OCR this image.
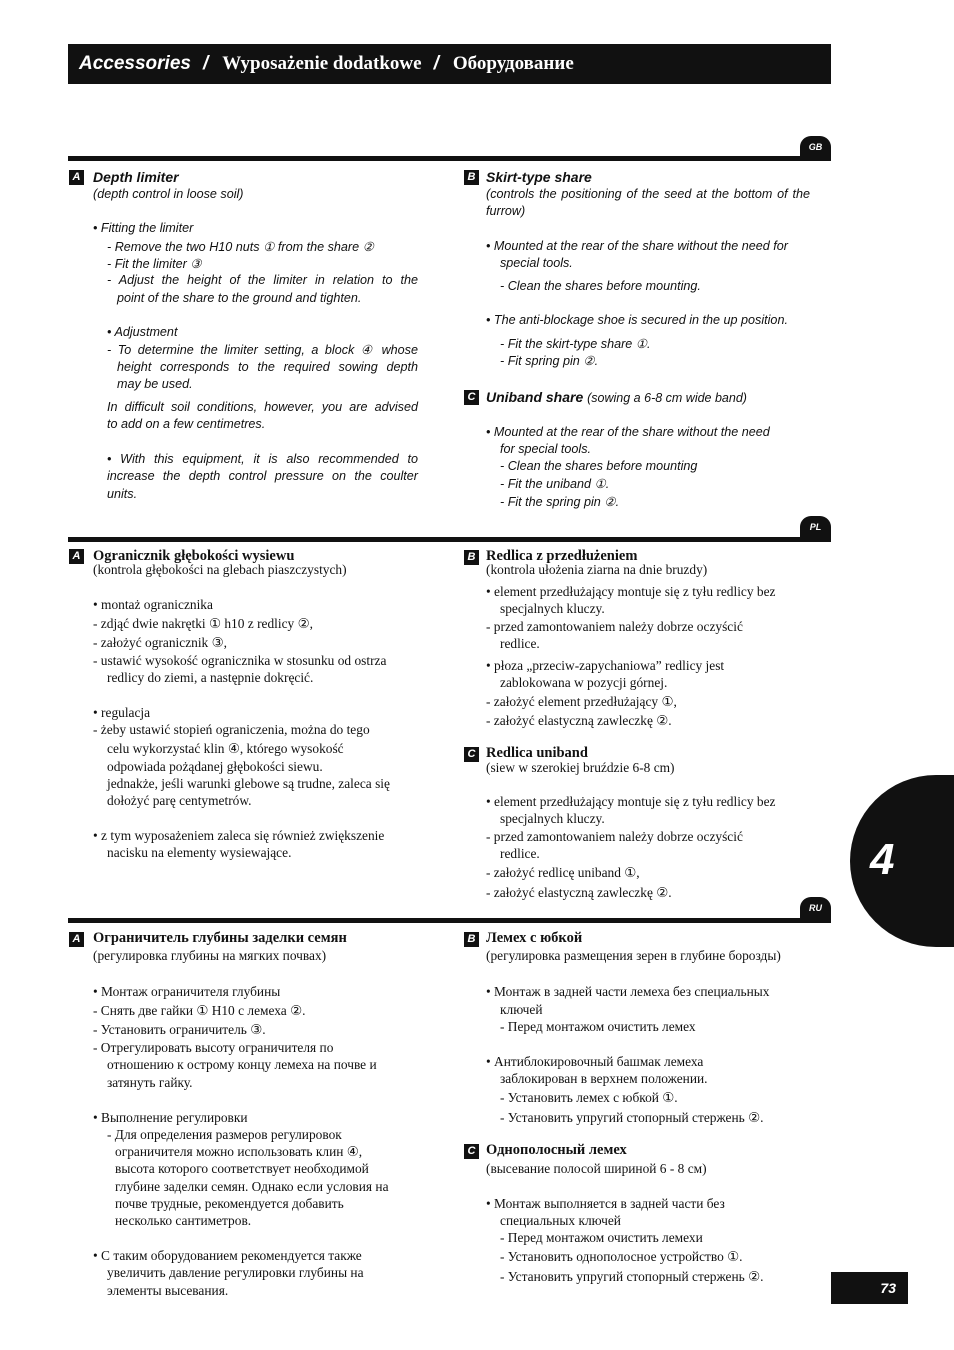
Accessories / Wyposażenie dodatkowe / Оборудование
GB
A Depth limiter
(depth control in loose soil)
• Fitting the limiter
- Remove the two H10 nuts ① from the share ②
- Fit the limiter ③
- Adjust the height of the limiter in relation to the
point of the share to the ground and tighten.
• Adjustment
- To determine the limiter setting, a block ④ whose
height corresponds to the required sowing depth
may be used.
In difficult soil conditions, however, you are advised
to add on a few centimetres.
• With this equipment, it is also recommended to
increase the depth control pressure on the coulter
units.
B Skirt-type share
(controls the positioning of the seed at the bottom of the
furrow)
• Mounted at the rear of the share without the need for
special tools.
- Clean the shares before mounting.
• The anti-blockage shoe is secured in the up position.
- Fit the skirt-type share ①.
- Fit spring pin ②.
C Uniband share (sowing a 6-8 cm wide band)
• Mounted at the rear of the share without the need
for special tools.
- Clean the shares before mounting
- Fit the uniband ①.
- Fit the spring pin ②.
PL
A Ogranicznik głębokości wysiewu
(kontrola głębokości na glebach piaszczystych)
• montaż ogranicznika
- zdjąć dwie nakrętki ① h10 z redlicy ②,
- założyć ogranicznik ③,
- ustawić wysokość ogranicznika w stosunku od ostrza
redlicy do ziemi, a następnie dokręcić.
• regulacja
- żeby ustawić stopień ograniczenia, można do tego
celu wykorzystać klin ④, którego wysokość
odpowiada pożądanej głębokości siewu.
jednakże, jeśli warunki glebowe są trudne, zaleca się
dołożyć parę centymetrów.
• z tym wyposażeniem zaleca się również zwiększenie
nacisku na elementy wysiewające.
B Redlica z przedłużeniem
(kontrola ułożenia ziarna na dnie bruzdy)
• element przedłużający montuje się z tyłu redlicy bez
specjalnych kluczy.
- przed zamontowaniem należy dobrze oczyścić
redlice.
• płoza „przeciw-zapychaniowa” redlicy jest
zablokowana w pozycji górnej.
- założyć element przedłużający ①,
- założyć elastyczną zawleczkę ②.
C Redlica uniband
(siew w szerokiej bruździe 6-8 cm)
• element przedłużający montuje się z tyłu redlicy bez
specjalnych kluczy.
- przed zamontowaniem należy dobrze oczyścić
redlice.
- założyć redlicę uniband ①,
- założyć elastyczną zawleczkę ②.
RU
A Ограничитель глубины заделки семян
(регулировка глубины на мягких почвах)
• Монтаж ограничителя глубины
- Снять две гайки ① H10 с лемеха ②.
- Установить ограничитель ③.
- Отрегулировать высоту ограничителя по
отношению к острому концу лемеха на почве и
затянуть гайку.
• Выполнение регулировки
- Для определения размеров регулировок
ограничителя можно использовать клин ④,
высота которого соответствует необходимой
глубине заделки семян. Однако если условия на
почве трудные, рекомендуется добавить
несколько сантиметров.
• С таким оборудованием рекомендуется также
увеличить давление регулировки глубины на
элементы высевания.
B Лемех с юбкой
(регулировка размещения зерен в глубине борозды)
• Монтаж в задней части лемеха без специальных
ключей
- Перед монтажом очистить лемех
• Антиблокировочный башмак лемеха
заблокирован в верхнем положении.
- Установить лемех с юбкой ①.
- Установить упругий стопорный стержень ②.
C Однополосный лемех
(высевание полосой шириной 6 - 8 см)
• Монтаж выполняется в задней части без
специальных ключей
- Перед монтажом очистить лемехи
- Установить однополосное устройство ①.
- Установить упругий стопорный стержень ②.
4
73
